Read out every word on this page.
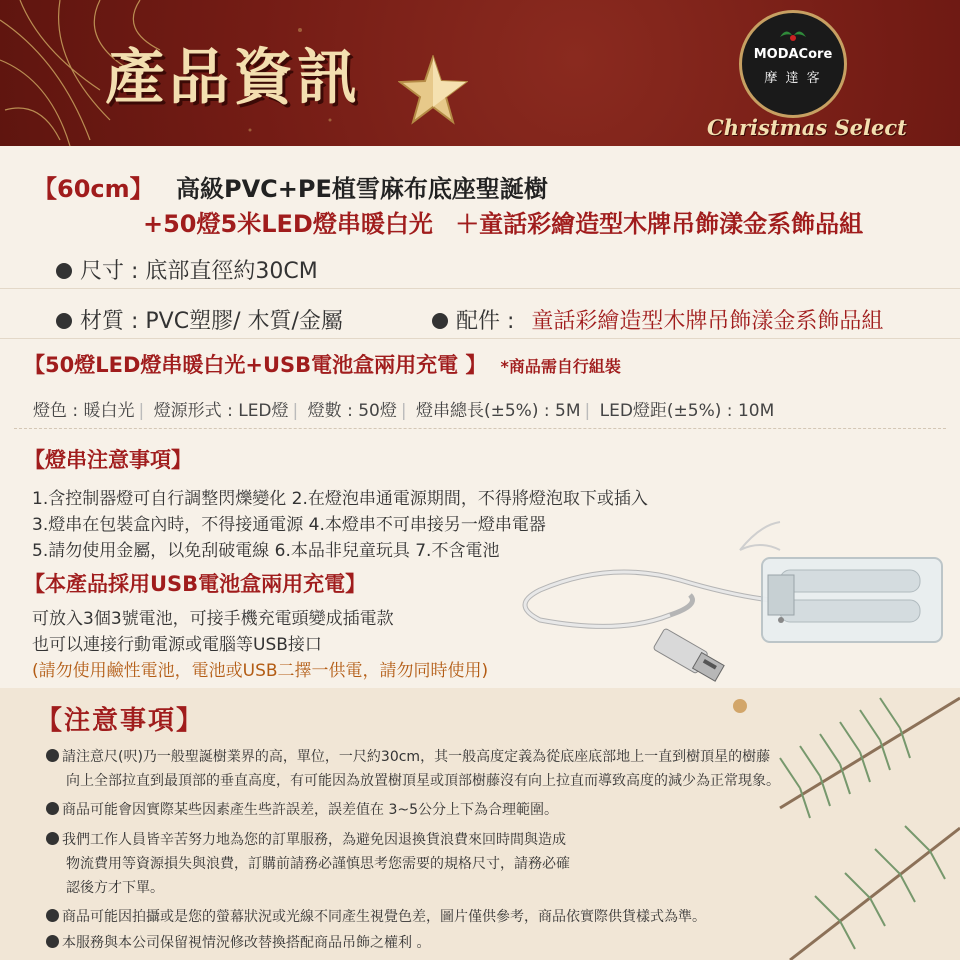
產品資訊	MODACore
摩 達 客
Christmas Select
【60cm】 高級PVC+PE植雪麻布底座聖誕樹
+50燈5米LED燈串暖白光 ＋童話彩繪造型木牌吊飾漾金系飾品組
尺寸 : 底部直徑約30CM
材質 : PVC塑膠/ 木質/金屬	配件 : 童話彩繪造型木牌吊飾漾金系飾品組
【50燈LED燈串暖白光+USB電池盒兩用充電 】 *商品需自行組裝
燈色 : 暖白光 | 燈源形式 : LED燈 | 燈數 : 50燈 | 燈串總長(±5%) : 5M | LED燈距(±5%) : 10M
【燈串注意事項】
1.含控制器燈可自行調整閃爍變化 2.在燈泡串通電源期間，不得將燈泡取下或插入
3.燈串在包裝盒內時，不得接通電源 4.本燈串不可串接另一燈串電器
5.請勿使用金屬，以免刮破電線 6.本品非兒童玩具 7.不含電池
【本產品採用USB電池盒兩用充電】
可放入3個3號電池，可接手機充電頭變成插電款
也可以連接行動電源或電腦等USB接口
(請勿使用鹼性電池，電池或USB二擇一供電，請勿同時使用)
【注意事項】
請注意尺(呎)乃一般聖誕樹業界的高，單位，一尺約30cm，其一般高度定義為從底座底部地上一直到樹頂星的樹藤
向上全部拉直到最頂部的垂直高度，有可能因為放置樹頂星或頂部樹藤沒有向上拉直而導致高度的減少為正常現象。
商品可能會因實際某些因素產生些許誤差，誤差值在 3~5公分上下為合理範圍。
我們工作人員皆辛苦努力地為您的訂單服務，為避免因退換貨浪費來回時間與造成
物流費用等資源損失與浪費，訂購前請務必謹慎思考您需要的規格尺寸，請務必確
認後方才下單。
商品可能因拍攝或是您的螢幕狀況或光線不同產生視覺色差，圖片僅供參考，商品依實際供貨樣式為準。
本服務與本公司保留視情況修改替換搭配商品吊飾之權利 。
